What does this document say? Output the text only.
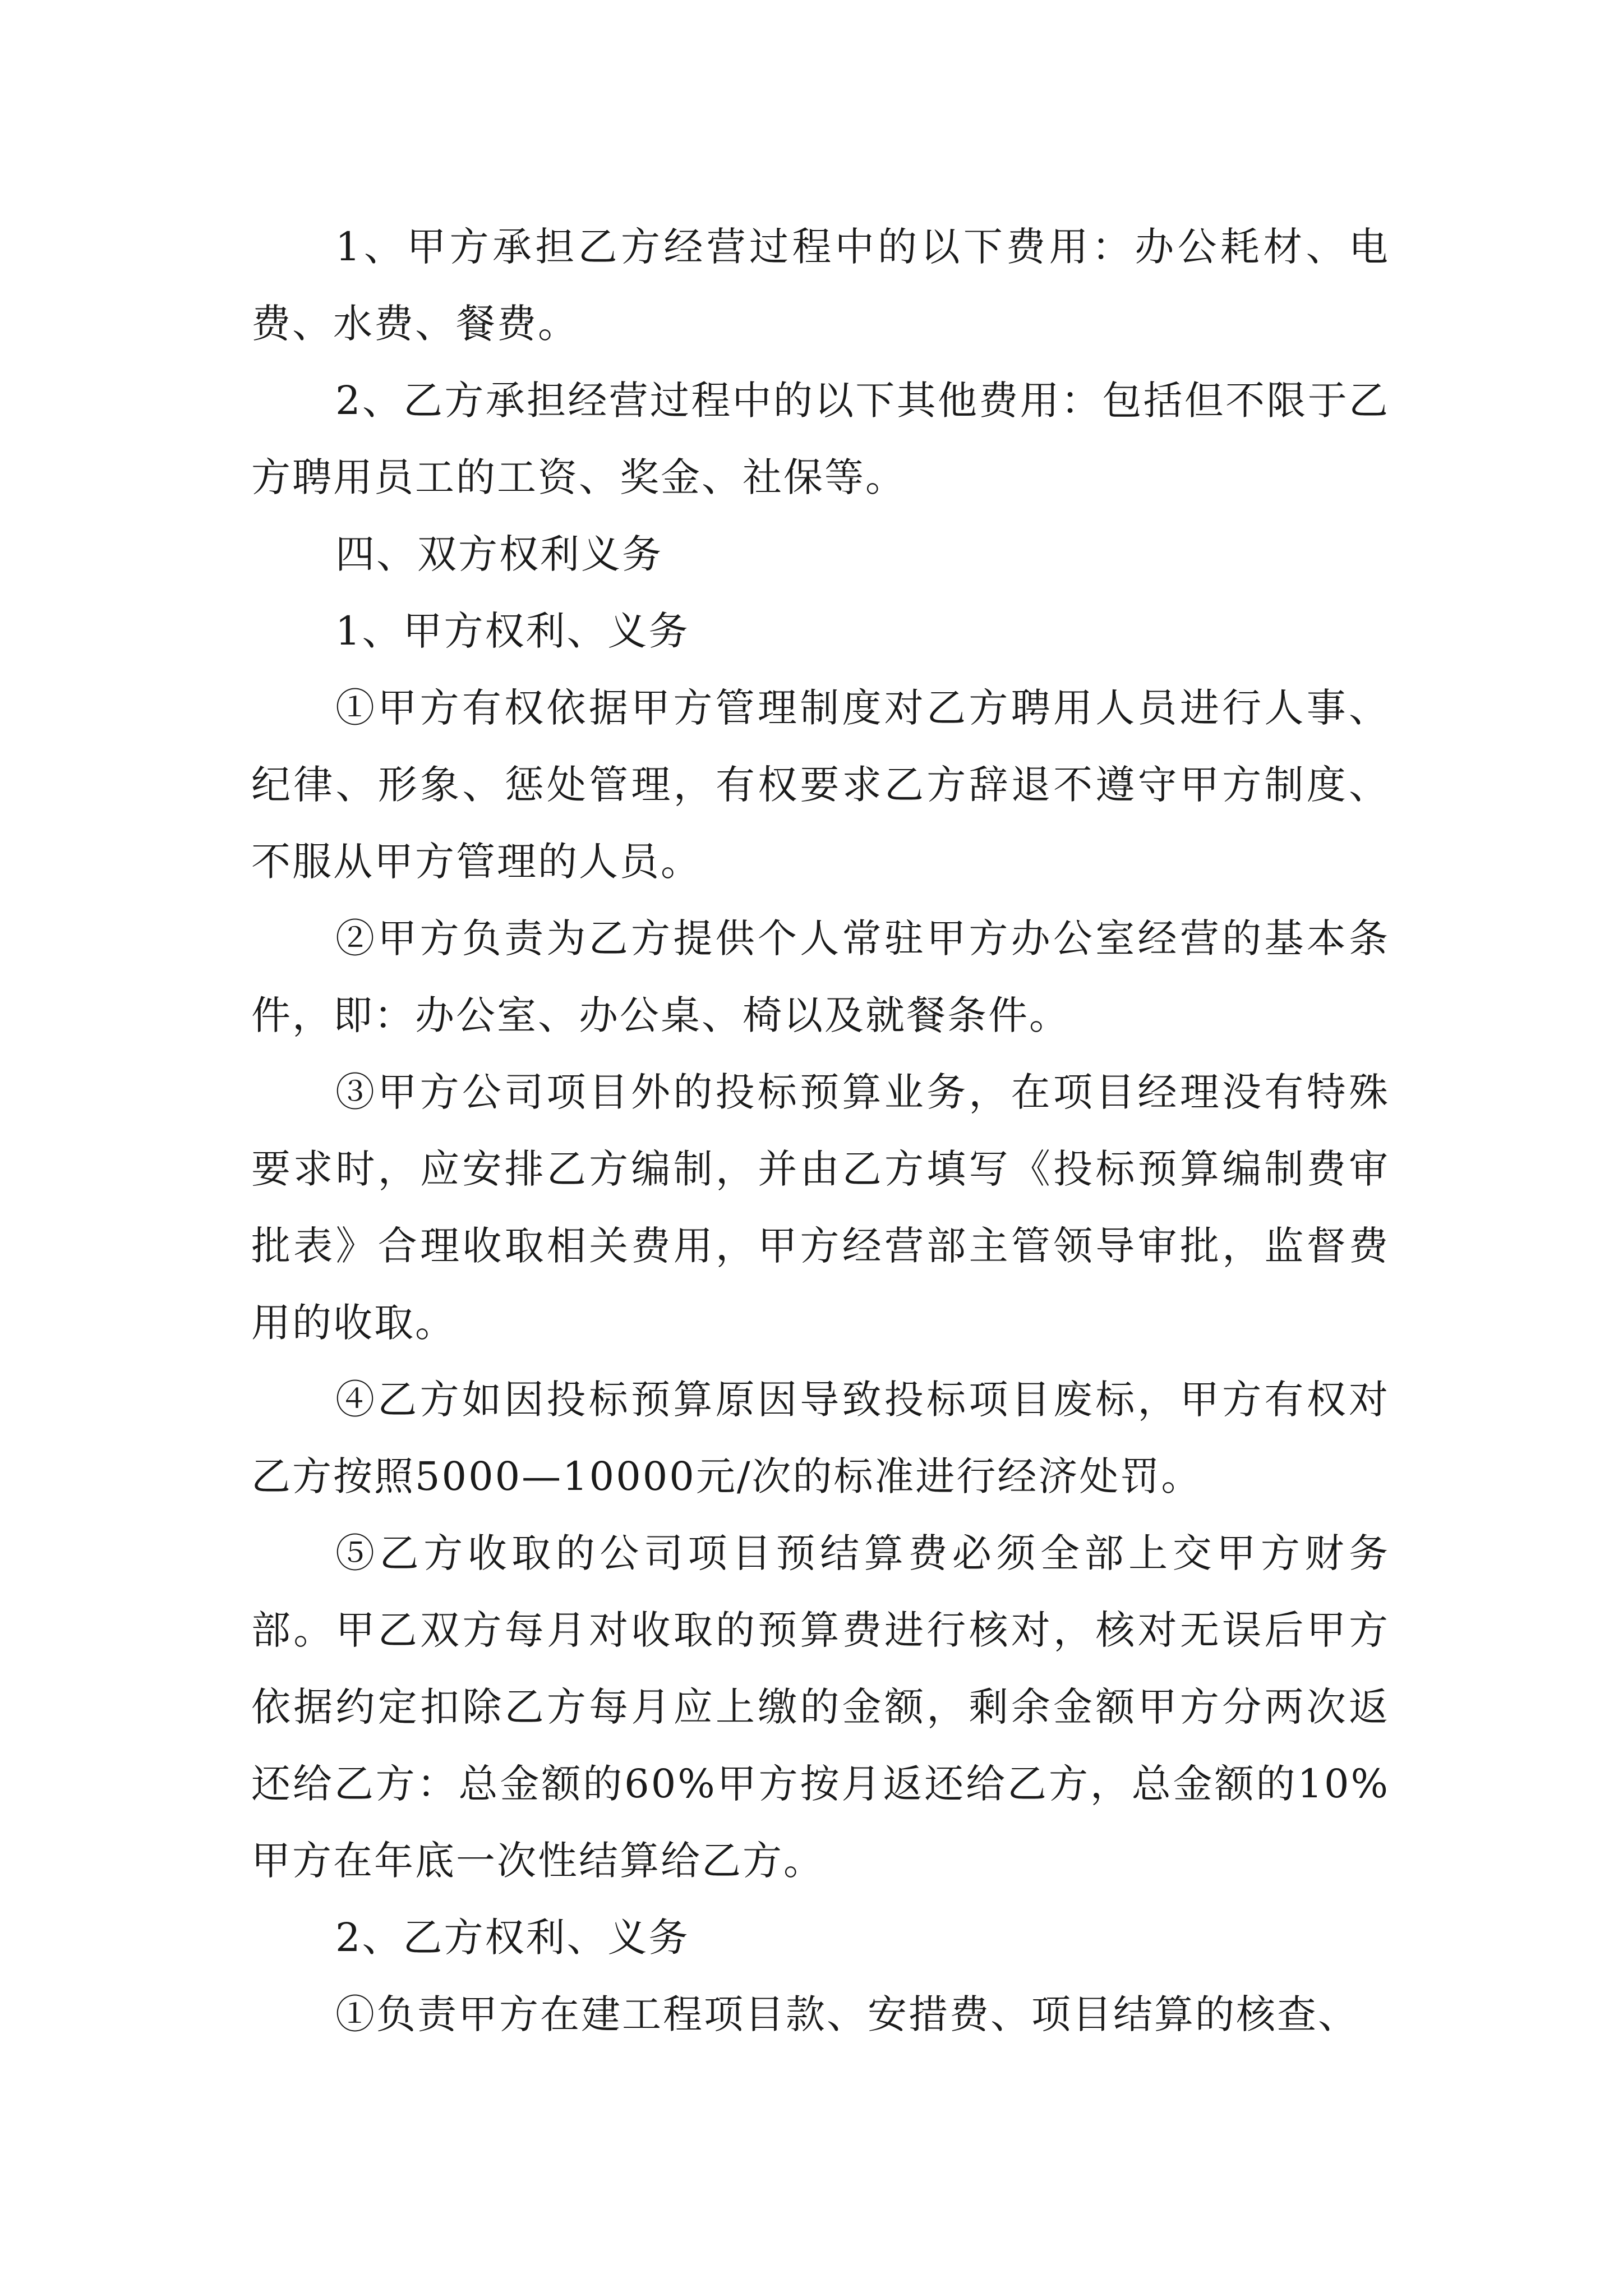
1、甲方承担乙方经营过程中的以下费用：办公耗材、电费、水费、餐费。

2、乙方承担经营过程中的以下其他费用：包括但不限于乙方聘用员工的工资、奖金、社保等。

四、双方权利义务

1、甲方权利、义务

①甲方有权依据甲方管理制度对乙方聘用人员进行人事、纪律、形象、惩处管理，有权要求乙方辞退不遵守甲方制度、不服从甲方管理的人员。

②甲方负责为乙方提供个人常驻甲方办公室经营的基本条件，即：办公室、办公桌、椅以及就餐条件。

③甲方公司项目外的投标预算业务，在项目经理没有特殊要求时，应安排乙方编制，并由乙方填写《投标预算编制费审批表》合理收取相关费用，甲方经营部主管领导审批，监督费用的收取。

④乙方如因投标预算原因导致投标项目废标，甲方有权对乙方按照5000—10000元/次的标准进行经济处罚。

⑤乙方收取的公司项目预结算费必须全部上交甲方财务部。甲乙双方每月对收取的预算费进行核对，核对无误后甲方依据约定扣除乙方每月应上缴的金额，剩余金额甲方分两次返还给乙方：总金额的60%甲方按月返还给乙方，总金额的10%甲方在年底一次性结算给乙方。

2、乙方权利、义务

①负责甲方在建工程项目款、安措费、项目结算的核查、
